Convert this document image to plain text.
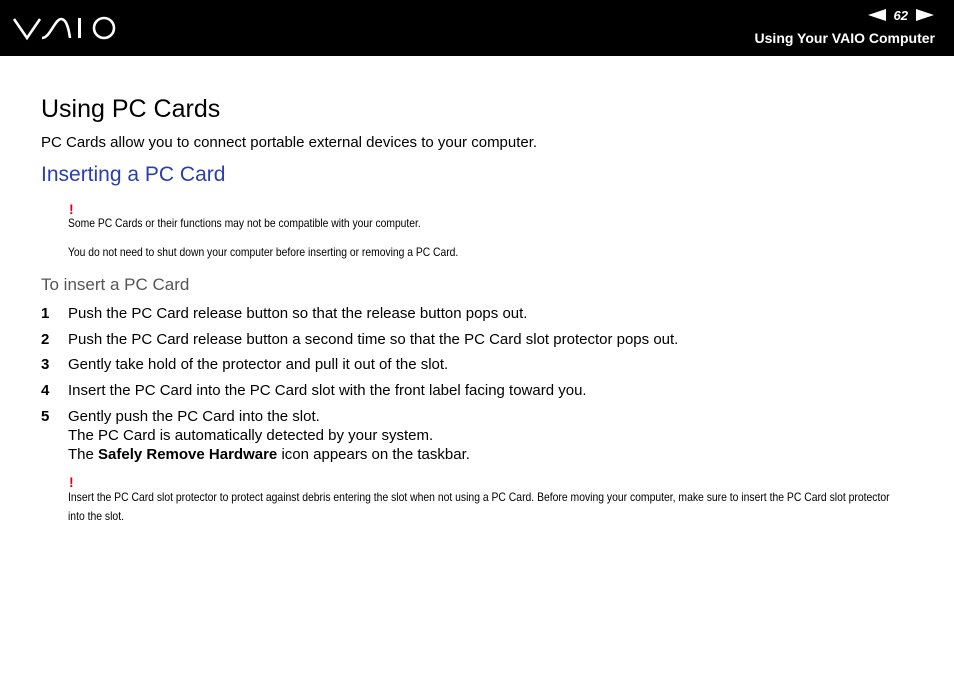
62
Using Your VAIO Computer
Using PC Cards

PC Cards allow you to connect portable external devices to your computer.

Inserting a PC Card
!

Some PC Cards or their functions may not be compatible with your computer.

You do not need to shut down your computer before inserting or removing a PC Card.

To insert a PC Card
1 Push the PC Card release button so that the release button pops out.
2 Push the PC Card release button a second time so that the PC Card slot protector pops out.
3 Gently take hold of the protector and pull it out of the slot.
4 Insert the PC Card into the PC Card slot with the front label facing toward you.
5 Gently push the PC Card into the slot.
The PC Card is automatically detected by your system.
The Safely Remove Hardware icon appears on the taskbar.
!

Insert the PC Card slot protector to protect against debris entering the slot when not using a PC Card. Before moving your computer, make sure to insert the PC Card slot protector into the slot.
